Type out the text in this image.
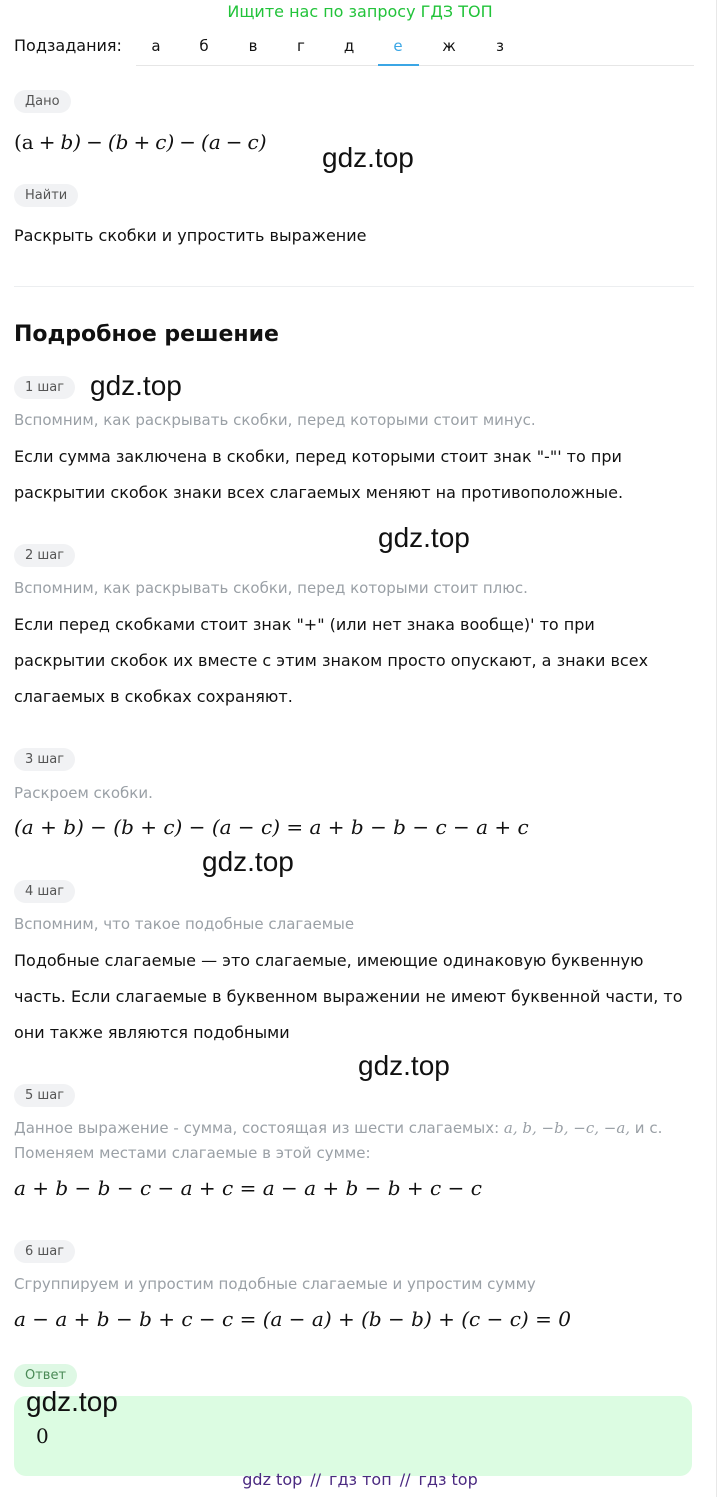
Ищите нас по запросу ГДЗ ТОП
Подзадания:	а	б	в	г	д	е	ж	з
Дано
(a + b) − (b + c) − (a − c) gdz.top
Найти
Раскрыть скобки и упростить выражение
Подробное решение
1 шаг gdz.top
Вспомним, как раскрывать скобки, перед которыми стоит минус.
Если сумма заключена в скобки, перед которыми стоит знак "-"' то при
раскрытии скобок знаки всех слагаемых меняют на противоположные.
gdz.top
2 шаг
Вспомним, как раскрывать скобки, перед которыми стоит плюс.
Если перед скобками стоит знак "+" (или нет знака вообще)' то при
раскрытии скобок их вместе с этим знаком просто опускают, а знаки всех
слагаемых в скобках сохраняют.
3 шаг
Раскроем скобки.
(a + b) − (b + c) − (a − c) = a + b − b − c − a + c
gdz.top
4 шаг
Вспомним, что такое подобные слагаемые
Подобные слагаемые — это слагаемые, имеющие одинаковую буквенную
часть. Если слагаемые в буквенном выражении не имеют буквенной части, то
они также являются подобными
gdz.top
5 шаг
Данное выражение - сумма, состоящая из шести слагаемых: a, b, −b, −c, −a, и c.
Поменяем местами слагаемые в этой сумме:
a + b − b − c − a + c = a − a + b − b + c − c
6 шаг
Сгруппируем и упростим подобные слагаемые и упростим сумму
a − a + b − b + c − c = (a − a) + (b − b) + (c − c) = 0
Ответ
gdz.top
0
gdz top // гдз топ // гдз top
